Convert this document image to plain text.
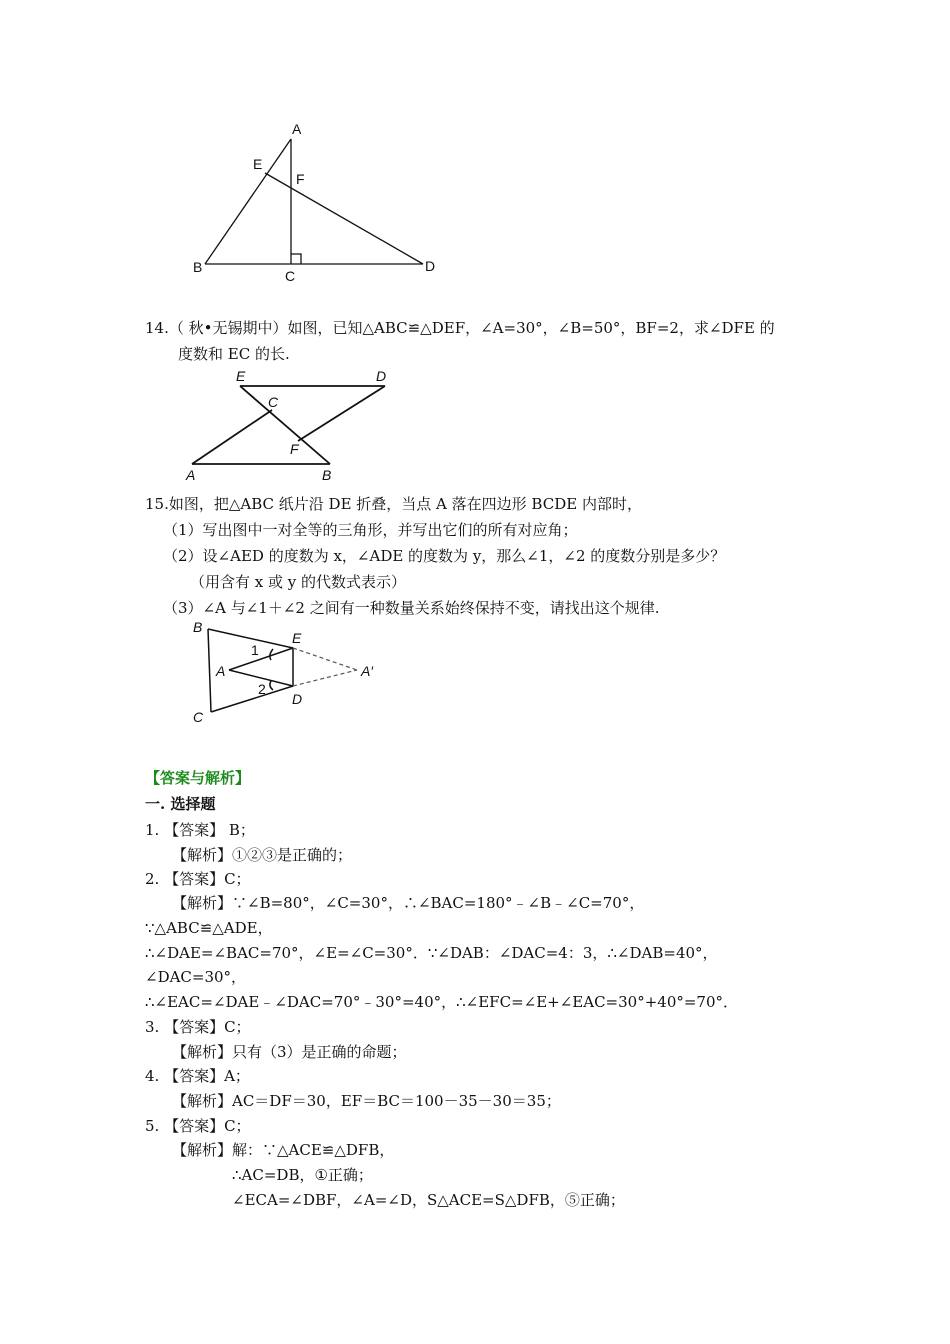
A
E
F
B
C
D
14.（ 秋•无锡期中）如图，已知△ABC≌△DEF，∠A=30°，∠B=50°，BF=2，求∠DFE 的
度数和 EC 的长.
E	D
C
F
A	B
15.如图，把△ABC 纸片沿 DE 折叠，当点 A 落在四边形 BCDE 内部时，
（1）写出图中一对全等的三角形，并写出它们的所有对应角；
（2）设∠AED 的度数为 x，∠ADE 的度数为 y，那么∠1，∠2 的度数分别是多少？
（用含有 x 或 y 的代数式表示）
（3）∠A 与∠1＋∠2 之间有一种数量关系始终保持不变，请找出这个规律.
B
E
1
A	A′
2
D
C
【答案与解析】
一. 选择题
1. 【答案】 B；
【解析】①②③是正确的；
2. 【答案】C；
【解析】∵∠B=80°，∠C=30°，∴∠BAC=180°﹣∠B﹣∠C=70°，
∵△ABC≌△ADE，
∴∠DAE=∠BAC=70°，∠E=∠C=30°．∵∠DAB：∠DAC=4：3，∴∠DAB=40°，
∠DAC=30°，
∴∠EAC=∠DAE﹣∠DAC=70°﹣30°=40°，∴∠EFC=∠E+∠EAC=30°+40°=70°．
3. 【答案】C；
【解析】只有（3）是正确的命题；
4. 【答案】A；
【解析】AC＝DF＝30，EF＝BC＝100－35－30＝35；
5. 【答案】C；
【解析】解：∵△ACE≌△DFB，
∴AC=DB，①正确；
∠ECA=∠DBF，∠A=∠D，S△ACE=S△DFB，⑤正确；
